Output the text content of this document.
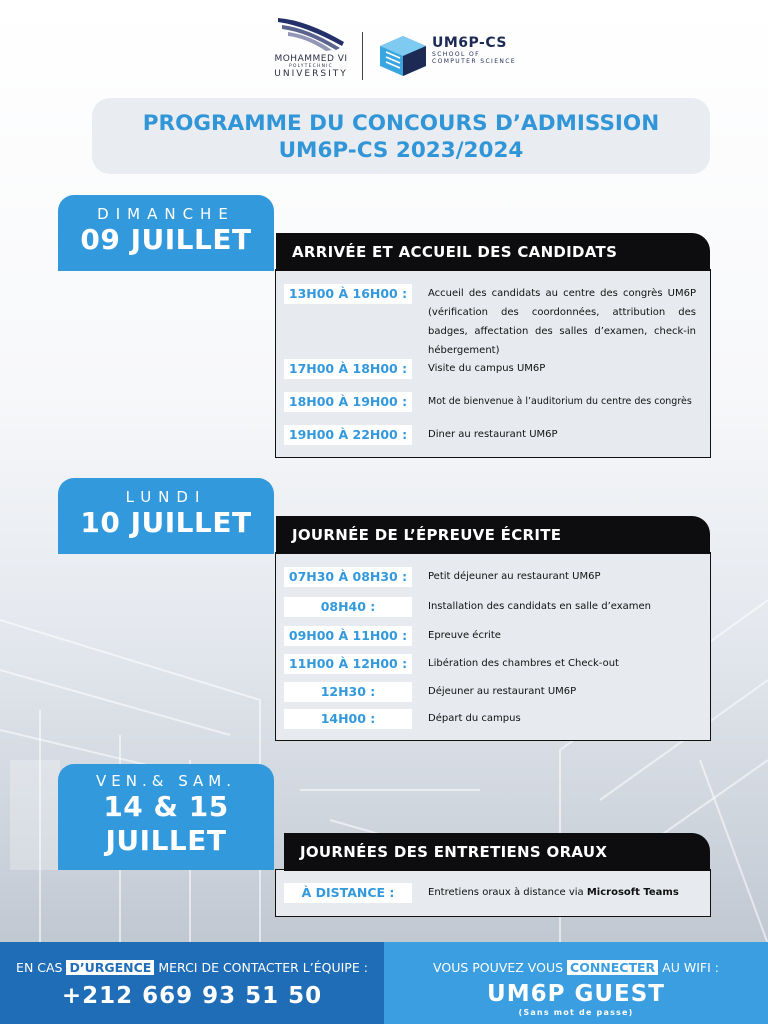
MOHAMMED VI
POLYTECHNIC
UNIVERSITY
UM6P-CS
SCHOOL OF
COMPUTER SCIENCE
PROGRAMME DU CONCOURS D’ADMISSION
UM6P-CS 2023/2024
DIMANCHE
09 JUILLET	ARRIVÉE ET ACCUEIL DES CANDIDATS
13H00 À 16H00 :	Accueil des candidats au centre des congrès UM6P (vérification des coordonnées, attribution des badges, affectation des salles d’examen, check-in hébergement)
17H00 À 18H00 :	Visite du campus UM6P
18H00 À 19H00 :	Mot de bienvenue à l’auditorium du centre des congrès
19H00 À 22H00 :	Diner au restaurant UM6P
LUNDI
10 JUILLET	JOURNÉE DE L’ÉPREUVE ÉCRITE
07H30 À 08H30 :	Petit déjeuner au restaurant UM6P
08H40 :	Installation des candidats en salle d’examen
09H00 À 11H00 :	Epreuve écrite
11H00 À 12H00 :	Libération des chambres et Check-out
12H30 :	Déjeuner au restaurant UM6P
14H00 :	Départ du campus
VEN.& SAM.
14 & 15
JUILLET	JOURNÉES DES ENTRETIENS ORAUX
À DISTANCE :	Entretiens oraux à distance via Microsoft Teams
EN CAS D’URGENCE MERCI DE CONTACTER L’ÉQUIPE :
+212 669 93 51 50
VOUS POUVEZ VOUS CONNECTER AU WIFI :
UM6P GUEST
(Sans mot de passe)
